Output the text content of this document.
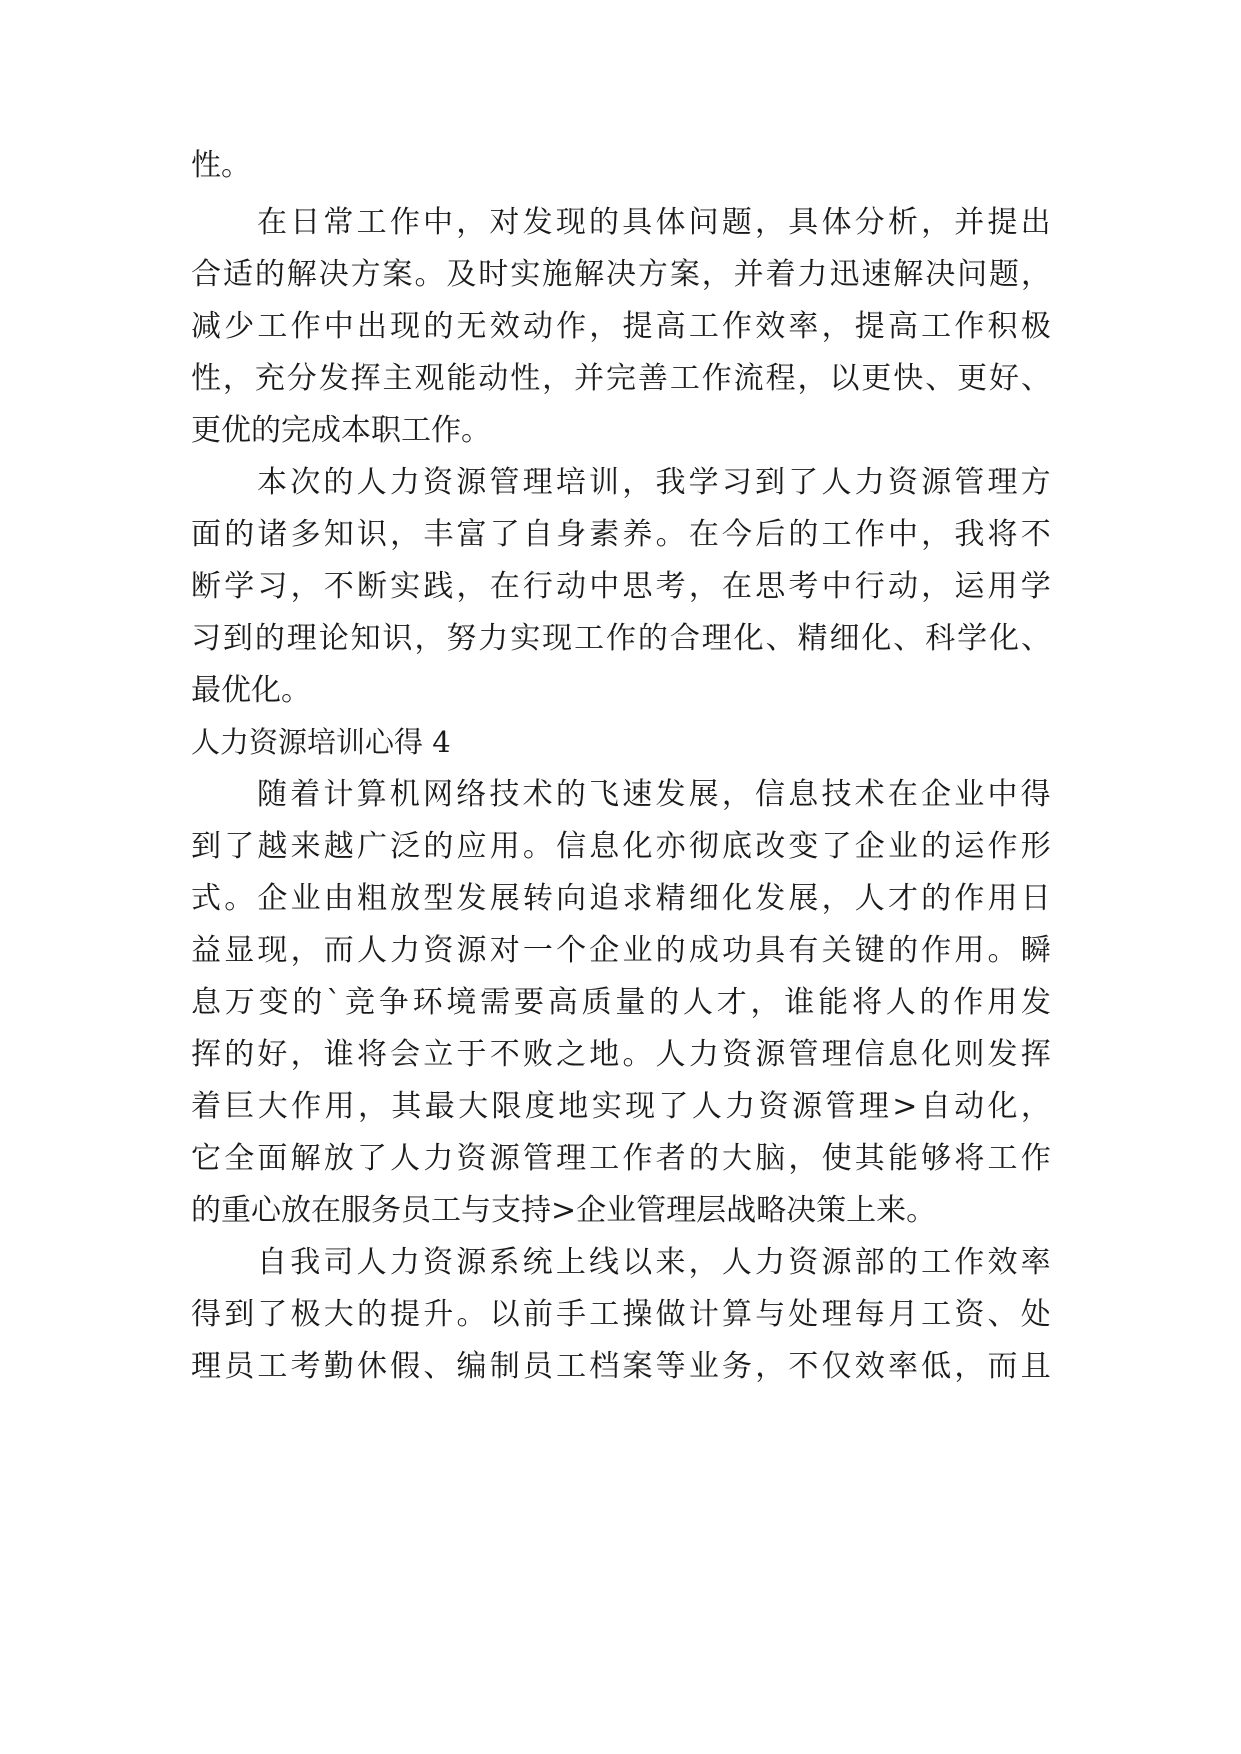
性。
在 日 常 工 作 中 ， 对 发 现 的 具 体 问 题 ， 具 体 分 析 ， 并 提 出
合 适 的 解 决 方 案 。 及 时 实 施 解 决 方 案 ， 并 着 力 迅 速 解 决 问 题 ，
减 少 工 作 中 出 现 的 无 效 动 作 ， 提 高 工 作 效 率 ， 提 高 工 作 积 极
性 ， 充 分 发 挥 主 观 能 动 性 ， 并 完 善 工 作 流 程 ， 以 更 快 、 更 好 、
更优的完成本职工作。
本 次 的 人 力 资 源 管 理 培 训 ， 我 学 习 到 了 人 力 资 源 管 理 方
面 的 诸 多 知 识 ， 丰 富 了 自 身 素 养 。 在 今 后 的 工 作 中 ， 我 将 不
断 学 习 ， 不 断 实 践 ， 在 行 动 中 思 考 ， 在 思 考 中 行 动 ， 运 用 学
习 到 的 理 论 知 识 ， 努 力 实 现 工 作 的 合 理 化 、 精 细 化 、 科 学 化 、
最优化。
人力资源培训心得 4
随 着 计 算 机 网 络 技 术 的 飞 速 发 展 ， 信 息 技 术 在 企 业 中 得
到 了 越 来 越 广 泛 的 应 用 。 信 息 化 亦 彻 底 改 变 了 企 业 的 运 作 形
式 。 企 业 由 粗 放 型 发 展 转 向 追 求 精 细 化 发 展 ， 人 才 的 作 用 日
益 显 现 ， 而 人 力 资 源 对 一 个 企 业 的 成 功 具 有 关 键 的 作 用 。 瞬
息 万 变 的 ` 竞 争 环 境 需 要 高 质 量 的 人 才 ， 谁 能 将 人 的 作 用 发
挥 的 好 ， 谁 将 会 立 于 不 败 之 地 。 人 力 资 源 管 理 信 息 化 则 发 挥
着 巨 大 作 用 ， 其 最 大 限 度 地 实 现 了 人 力 资 源 管 理 > 自 动 化 ，
它 全 面 解 放 了 人 力 资 源 管 理 工 作 者 的 大 脑 ， 使 其 能 够 将 工 作
的重心放在服务员工与支持>企业管理层战略决策上来。
自 我 司 人 力 资 源 系 统 上 线 以 来 ， 人 力 资 源 部 的 工 作 效 率
得 到 了 极 大 的 提 升 。 以 前 手 工 操 做 计 算 与 处 理 每 月 工 资 、 处
理 员 工 考 勤 休 假 、 编 制 员 工 档 案 等 业 务 ， 不 仅 效 率 低 ， 而 且
